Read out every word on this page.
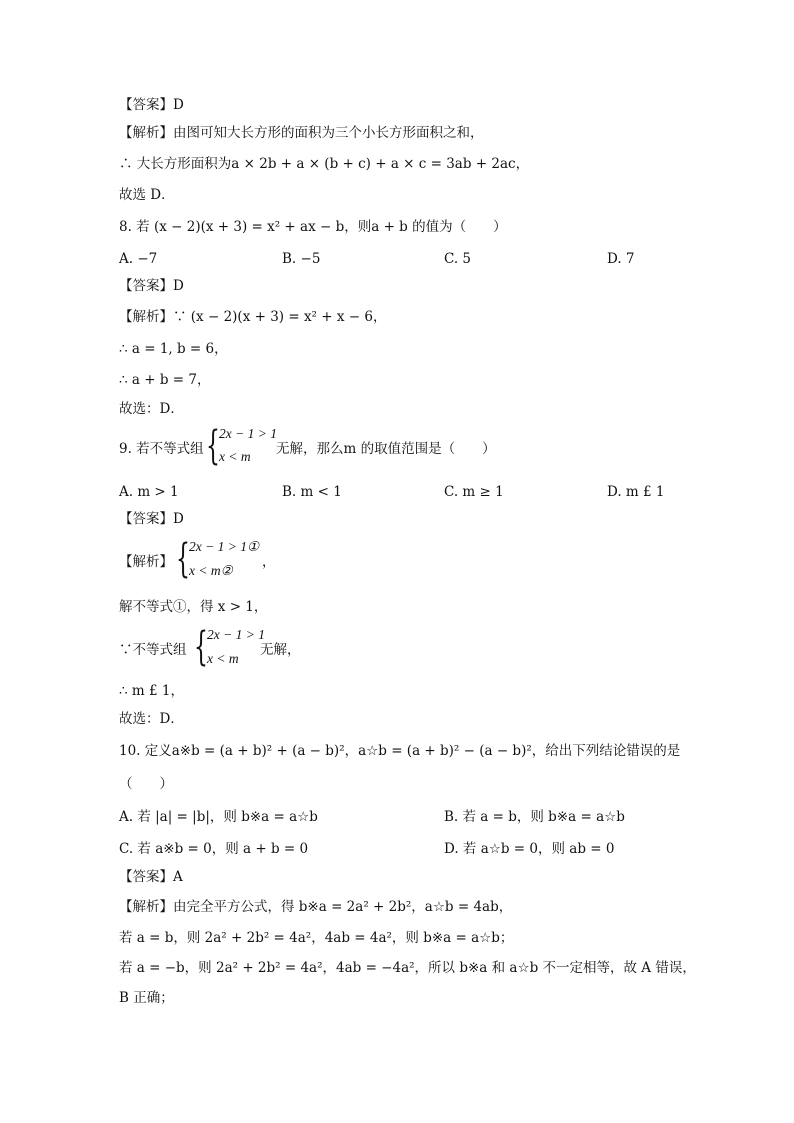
【答案】D
【解析】由图可知大长方形的面积为三个小长方形面积之和，
∴ 大长方形面积为a × 2b + a × (b + c) + a × c = 3ab + 2ac，
故选 D．
8. 若 (x − 2)(x + 3) = x² + ax − b，则a + b 的值为（　　）
A. −7	B. −5	C. 5	D. 7
【答案】D
【解析】∵ (x − 2)(x + 3) = x² + x − 6，
∴ a = 1, b = 6，
∴ a + b = 7，
故选：D．
9. 若不等式组 { 2x − 1 > 1
x < m 无解，那么m 的取值范围是（　　）
A. m > 1	B. m < 1	C. m ≥ 1	D. m £ 1
【答案】D
【解析】 { 2x − 1 > 1①
x < m②
，
解不等式①，得 x > 1，
∵不等式组 { 2x − 1 > 1
x < m
无解，
∴ m £ 1，
故选：D．
10. 定义a※b = (a + b)² + (a − b)²，a☆b = (a + b)² − (a − b)²，给出下列结论错误的是
（　　）
A. 若 |a| = |b|，则 b※a = a☆b	B. 若 a = b，则 b※a = a☆b
C. 若 a※b = 0，则 a + b = 0	D. 若 a☆b = 0，则 ab = 0
【答案】A
【解析】由完全平方公式，得 b※a = 2a² + 2b²，a☆b = 4ab，
若 a = b，则 2a² + 2b² = 4a²，4ab = 4a²，则 b※a = a☆b；
若 a = −b，则 2a² + 2b² = 4a²，4ab = −4a²，所以 b※a 和 a☆b 不一定相等，故 A 错误，
B 正确；
